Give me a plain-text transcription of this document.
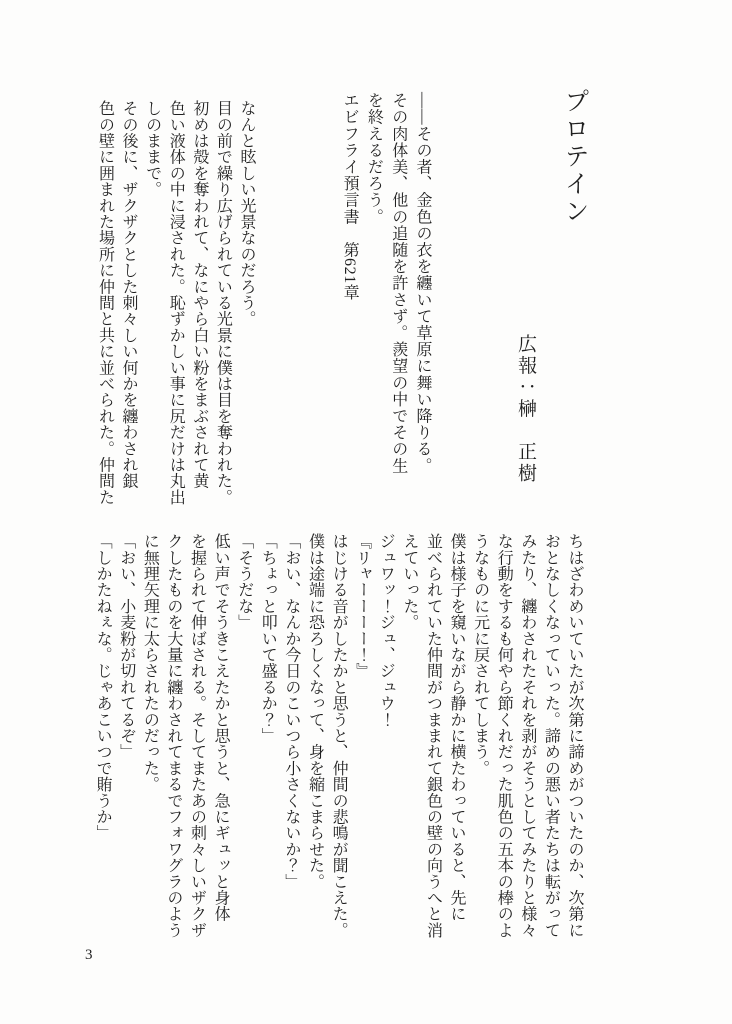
プロテイン
広報：榊　正樹

——その者、金色の衣を纏いて草原に舞い降りる。

その肉体美、他の追随を許さず。羨望の中でその生

を終えるだろう。

エビフライ預言書　第621章

なんと眩しい光景なのだろう。

目の前で繰り広げられている光景に僕は目を奪われた。

初めは殻を奪われて、なにやら白い粉をまぶされて黄

色い液体の中に浸された。恥ずかしい事に尻だけは丸出

しのままで。

その後に、ザクザクとした刺々しい何かを纏わされ銀

色の壁に囲まれた場所に仲間と共に並べられた。仲間た

ちはざわめいていたが次第に諦めがついたのか、次第に

おとなしくなっていった。諦めの悪い者たちは転がって

みたり、纏わされたそれを剥がそうとしてみたりと様々

な行動をするも何やら節くれだった肌色の五本の棒のよ

うなものに元に戻されてしまう。

僕は様子を窺いながら静かに横たわっていると、先に

並べられていた仲間がつままれて銀色の壁の向うへと消

えていった。

ジュワッ！ジュ、ジュウ！

『リャーーーー！』

はじける音がしたかと思うと、仲間の悲鳴が聞こえた。

僕は途端に恐ろしくなって、身を縮こまらせた。

「おい、なんか今日のこいつら小さくないか？」

「ちょっと叩いて盛るか？」

「そうだな」

低い声でそうきこえたかと思うと、急にギュッと身体

を握られて伸ばされる。そしてまたあの刺々しいザクザ

クしたものを大量に纏わされてまるでフォワグラのよう

に無理矢理に太らされたのだった。

「おい、小麦粉が切れてるぞ」

「しかたねぇな。じゃあこいつで賄うか」

3
